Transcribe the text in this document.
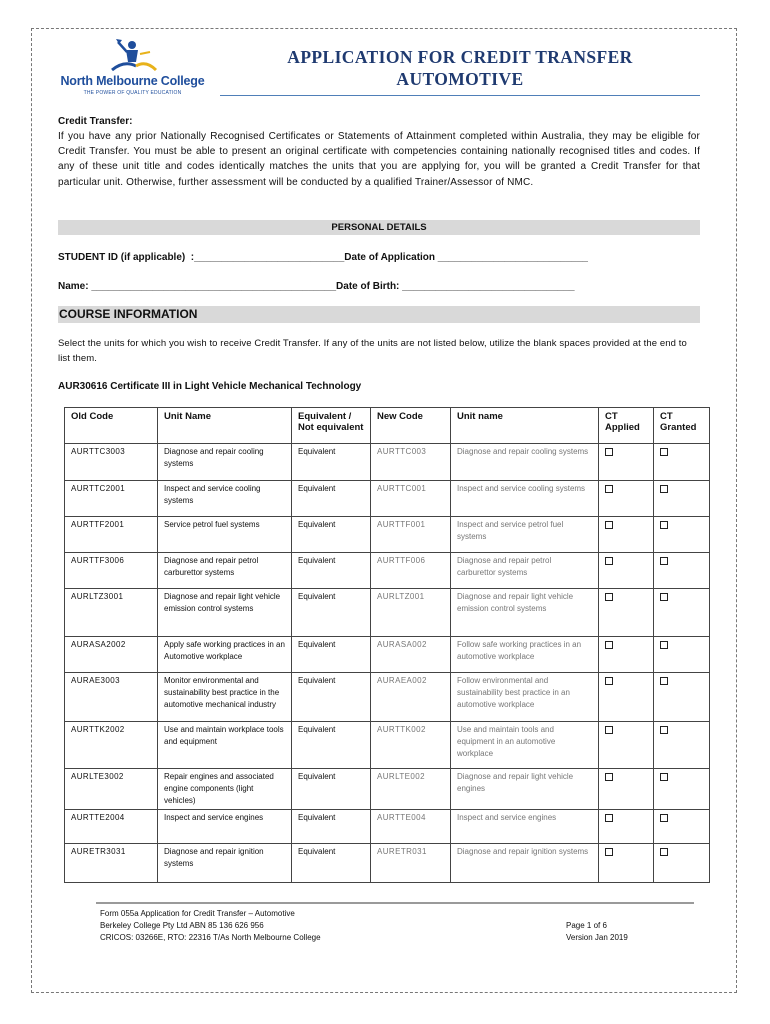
North Melbourne College
THE POWER OF QUALITY EDUCATION
APPLICATION FOR CREDIT TRANSFER
AUTOMOTIVE
Credit Transfer:
If you have any prior Nationally Recognised Certificates or Statements of Attainment completed within Australia, they may be eligible for Credit Transfer. You must be able to present an original certificate with competencies containing nationally recognised titles and codes. If any of these unit title and codes identically matches the units that you are applying for, you will be granted a Credit Transfer for that particular unit. Otherwise, further assessment will be conducted by a qualified Trainer/Assessor of NMC.
PERSONAL DETAILS
STUDENT ID (if applicable)  :___________________________Date of Application ___________________________
Name: ____________________________________________Date of Birth: _______________________________
COURSE INFORMATION
Select the units for which you wish to receive Credit Transfer. If any of the units are not listed below, utilize the blank spaces provided at the end to list them.
AUR30616 Certificate III in Light Vehicle Mechanical Technology
Old Code	Unit Name	Equivalent / Not equivalent	New Code	Unit name	CT Applied	CT Granted
AURTTC3003	Diagnose and repair cooling systems	Equivalent	AURTTC003	Diagnose and repair cooling systems		
AURTTC2001	Inspect and service cooling systems	Equivalent	AURTTC001	Inspect and service cooling systems		
AURTTF2001	Service petrol fuel systems	Equivalent	AURTTF001	Inspect and service petrol fuel systems		
AURTTF3006	Diagnose and repair petrol carburettor systems	Equivalent	AURTTF006	Diagnose and repair petrol carburettor systems		
AURLTZ3001	Diagnose and repair light vehicle emission control systems	Equivalent	AURLTZ001	Diagnose and repair light vehicle emission control systems		
AURASA2002	Apply safe working practices in an Automotive workplace	Equivalent	AURASA002	Follow safe working practices in an automotive workplace		
AURAE3003	Monitor environmental and sustainability best practice in the automotive mechanical industry	Equivalent	AURAEA002	Follow environmental and sustainability best practice in an automotive workplace		
AURTTK2002	Use and maintain workplace tools and equipment	Equivalent	AURTTK002	Use and maintain tools and equipment in an automotive workplace		
AURLTE3002	Repair engines and associated engine components (light vehicles)	Equivalent	AURLTE002	Diagnose and repair light vehicle engines		
AURTTE2004	Inspect and service engines	Equivalent	AURTTE004	Inspect and service engines		
AURETR3031	Diagnose and repair ignition systems	Equivalent	AURETR031	Diagnose and repair ignition systems		
Form 055a Application for Credit Transfer – Automotive
Berkeley College Pty Ltd ABN 85 136 626 956
CRICOS: 03266E, RTO: 22316 T/As North Melbourne College
Page 1 of 6
Version Jan 2019
